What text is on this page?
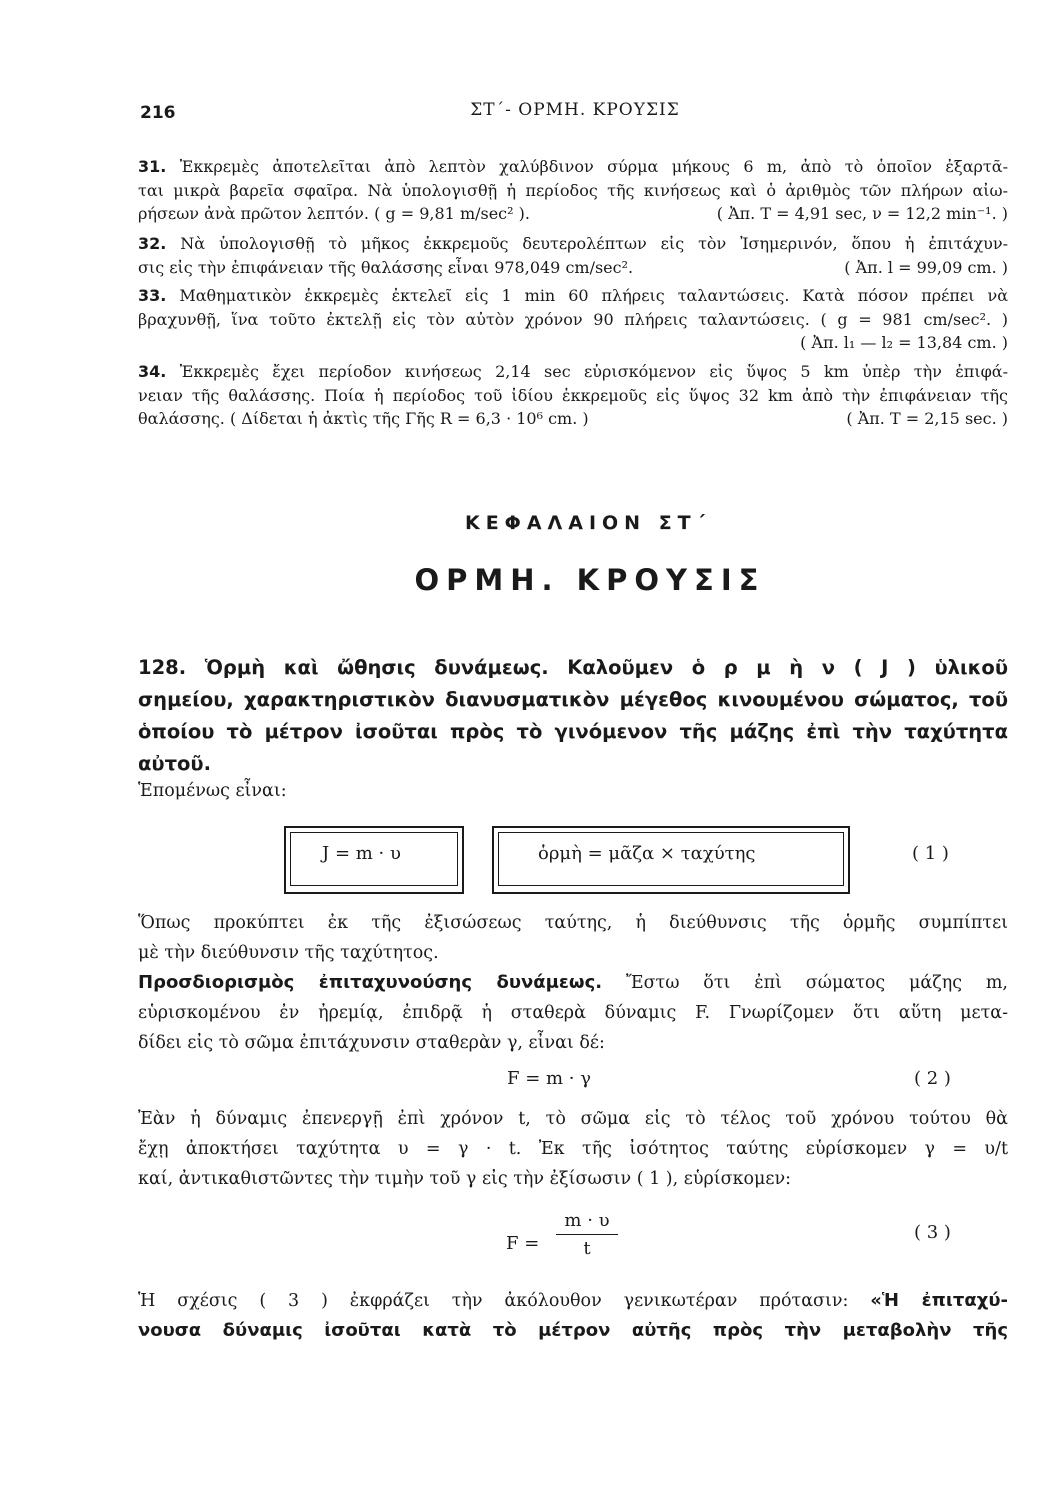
216	ΣΤ΄- ΟΡΜΗ. ΚΡΟΥΣΙΣ
31. Ἐκκρεμὲς ἀποτελεῖται ἀπὸ λεπτὸν χαλύβδινον σύρμα μήκους 6 m, ἀπὸ τὸ ὁποῖον ἐξαρτᾶ-
ται μικρὰ βαρεῖα σφαῖρα. Νὰ ὑπολογισθῇ ἡ περίοδος τῆς κινήσεως καὶ ὁ ἀριθμὸς τῶν πλήρων αἰω-
ρήσεων ἀνὰ πρῶτον λεπτόν. ( g = 9,81 m/sec² ).	( Ἀπ. T = 4,91 sec, ν = 12,2 min⁻¹. )
32. Νὰ ὑπολογισθῇ τὸ μῆκος ἐκκρεμοῦς δευτερολέπτων εἰς τὸν Ἰσημερινόν, ὅπου ἡ ἐπιτάχυν-
σις εἰς τὴν ἐπιφάνειαν τῆς θαλάσσης εἶναι 978,049 cm/sec².	( Ἀπ. l = 99,09 cm. )
33. Μαθηματικὸν ἐκκρεμὲς ἐκτελεῖ εἰς 1 min 60 πλήρεις ταλαντώσεις. Κατὰ πόσον πρέπει νὰ
βραχυνθῇ, ἵνα τοῦτο ἐκτελῇ εἰς τὸν αὐτὸν χρόνον 90 πλήρεις ταλαντώσεις. ( g = 981 cm/sec². )
( Ἀπ. l₁ — l₂ = 13,84 cm. )
34. Ἐκκρεμὲς ἔχει περίοδον κινήσεως 2,14 sec εὑρισκόμενον εἰς ὕψος 5 km ὑπὲρ τὴν ἐπιφά-
νειαν τῆς θαλάσσης. Ποία ἡ περίοδος τοῦ ἰδίου ἐκκρεμοῦς εἰς ὕψος 32 km ἀπὸ τὴν ἐπιφάνειαν τῆς
θαλάσσης. ( Δίδεται ἡ ἀκτὶς τῆς Γῆς R = 6,3 · 10⁶ cm. )	( Ἀπ. T = 2,15 sec. )
ΚΕΦΑΛΑΙΟΝ ΣΤ΄
ΟΡΜΗ. ΚΡΟΥΣΙΣ
128. Ὁρμὴ καὶ ὤθησις δυνάμεως. Καλοῦμεν ὁ ρ μ ὴ ν ( J ) ὑλικοῦ
σημείου, χαρακτηριστικὸν διανυσματικὸν μέγεθος κινουμένου σώματος, τοῦ
ὁποίου τὸ μέτρον ἰσοῦται πρὸς τὸ γινόμενον τῆς μάζης ἐπὶ τὴν ταχύτητα
αὐτοῦ.
Ἑπομένως εἶναι:
J = m · υ	ὁρμὴ = μᾶζα × ταχύτης	( 1 )
Ὅπως προκύπτει ἐκ τῆς ἐξισώσεως ταύτης, ἡ διεύθυνσις τῆς ὁρμῆς συμπίπτει
μὲ τὴν διεύθυνσιν τῆς ταχύτητος.
Προσδιορισμὸς ἐπιταχυνούσης δυνάμεως. Ἔστω ὅτι ἐπὶ σώματος μάζης m,
εὑρισκομένου ἐν ἠρεμίᾳ, ἐπιδρᾷ ἡ σταθερὰ δύναμις F. Γνωρίζομεν ὅτι αὕτη μετα-
δίδει εἰς τὸ σῶμα ἐπιτάχυνσιν σταθερὰν γ, εἶναι δέ:
F = m · γ	( 2 )
Ἐὰν ἡ δύναμις ἐπενεργῇ ἐπὶ χρόνον t, τὸ σῶμα εἰς τὸ τέλος τοῦ χρόνου τούτου θὰ
ἔχῃ ἀποκτήσει ταχύτητα υ = γ · t. Ἐκ τῆς ἰσότητος ταύτης εὑρίσκομεν γ = υ/t
καί, ἀντικαθιστῶντες τὴν τιμὴν τοῦ γ εἰς τὴν ἐξίσωσιν ( 1 ), εὑρίσκομεν:
F =
m · υ
t
( 3 )
Ἡ σχέσις ( 3 ) ἐκφράζει τὴν ἀκόλουθον γενικωτέραν πρότασιν: «Ἡ ἐπιταχύ-
νουσα δύναμις ἰσοῦται κατὰ τὸ μέτρον αὐτῆς πρὸς τὴν μεταβολὴν τῆς
